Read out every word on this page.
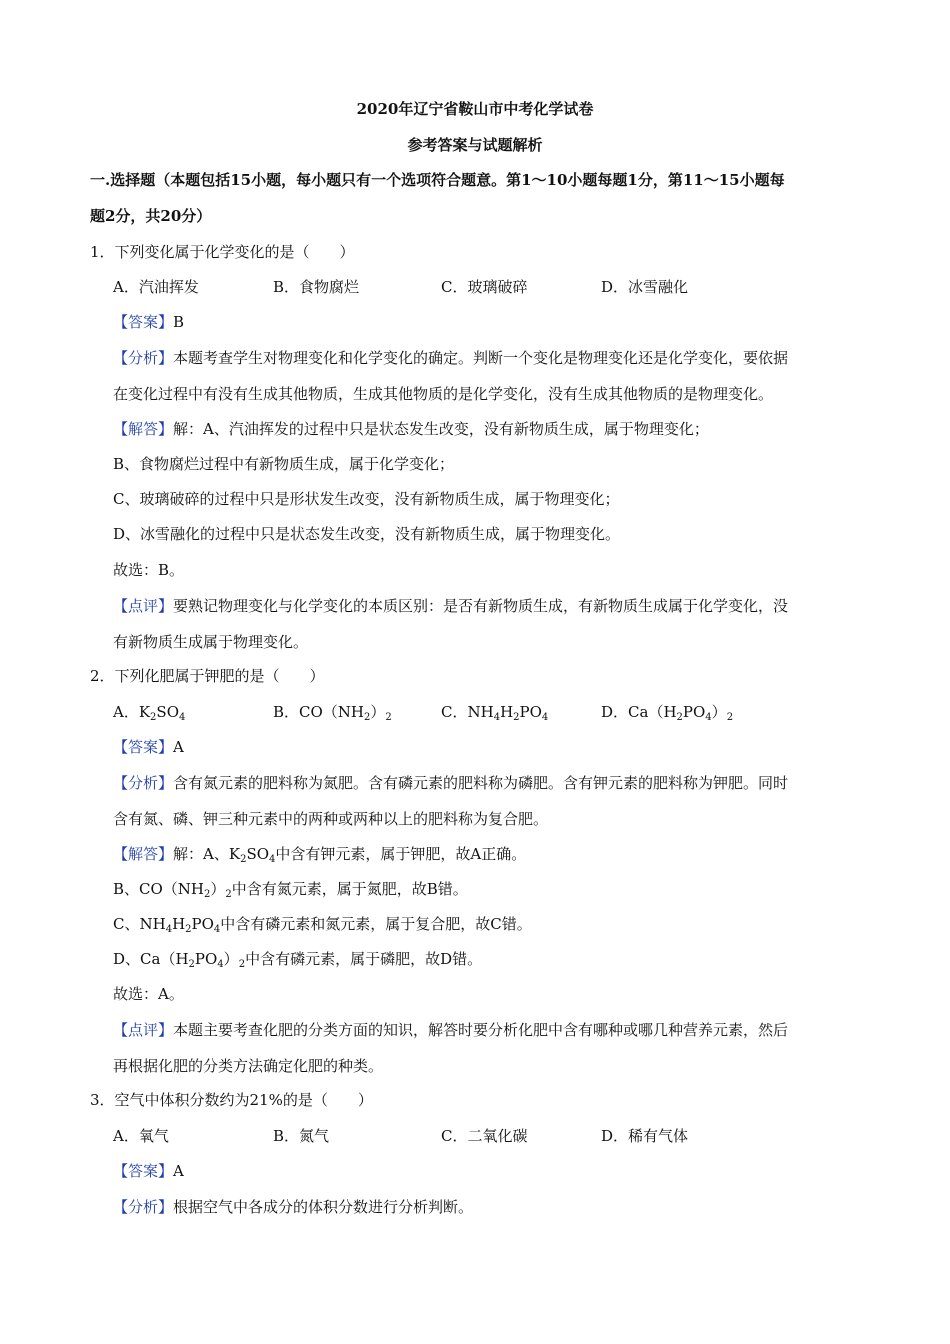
2020年辽宁省鞍山市中考化学试卷
参考答案与试题解析
一.选择题（本题包括15小题，每小题只有一个选项符合题意。第1～10小题每题1分，第11～15小题每
题2分，共20分）
1．下列变化属于化学变化的是（　　）
A．汽油挥发	B．食物腐烂	C．玻璃破碎	D．冰雪融化
【答案】B
【分析】本题考查学生对物理变化和化学变化的确定。判断一个变化是物理变化还是化学变化，要依据
在变化过程中有没有生成其他物质，生成其他物质的是化学变化，没有生成其他物质的是物理变化。
【解答】解：A、汽油挥发的过程中只是状态发生改变，没有新物质生成，属于物理变化；
B、食物腐烂过程中有新物质生成，属于化学变化；
C、玻璃破碎的过程中只是形状发生改变，没有新物质生成，属于物理变化；
D、冰雪融化的过程中只是状态发生改变，没有新物质生成，属于物理变化。
故选：B。
【点评】要熟记物理变化与化学变化的本质区别：是否有新物质生成，有新物质生成属于化学变化，没
有新物质生成属于物理变化。
2．下列化肥属于钾肥的是（　　）
A．$K_2SO_4$	B．$CO(NH_2)_2$	C．$NH_4H_2PO_4$	D．$Ca(H_2PO_4)_2$
【答案】A
【分析】含有氮元素的肥料称为氮肥。含有磷元素的肥料称为磷肥。含有钾元素的肥料称为钾肥。同时
含有氮、磷、钾三种元素中的两种或两种以上的肥料称为复合肥。
【解答】解：A、$K_2SO_4$中含有钾元素，属于钾肥，故A正确。
B、$CO(NH_2)_2$中含有氮元素，属于氮肥，故B错。
C、$NH_4H_2PO_4$中含有磷元素和氮元素，属于复合肥，故C错。
D、$Ca(H_2PO_4)_2$中含有磷元素，属于磷肥，故D错。
故选：A。
【点评】本题主要考查化肥的分类方面的知识，解答时要分析化肥中含有哪种或哪几种营养元素，然后
再根据化肥的分类方法确定化肥的种类。
3．空气中体积分数约为21%的是（　　）
A．氧气	B．氮气	C．二氧化碳	D．稀有气体
【答案】A
【分析】根据空气中各成分的体积分数进行分析判断。
